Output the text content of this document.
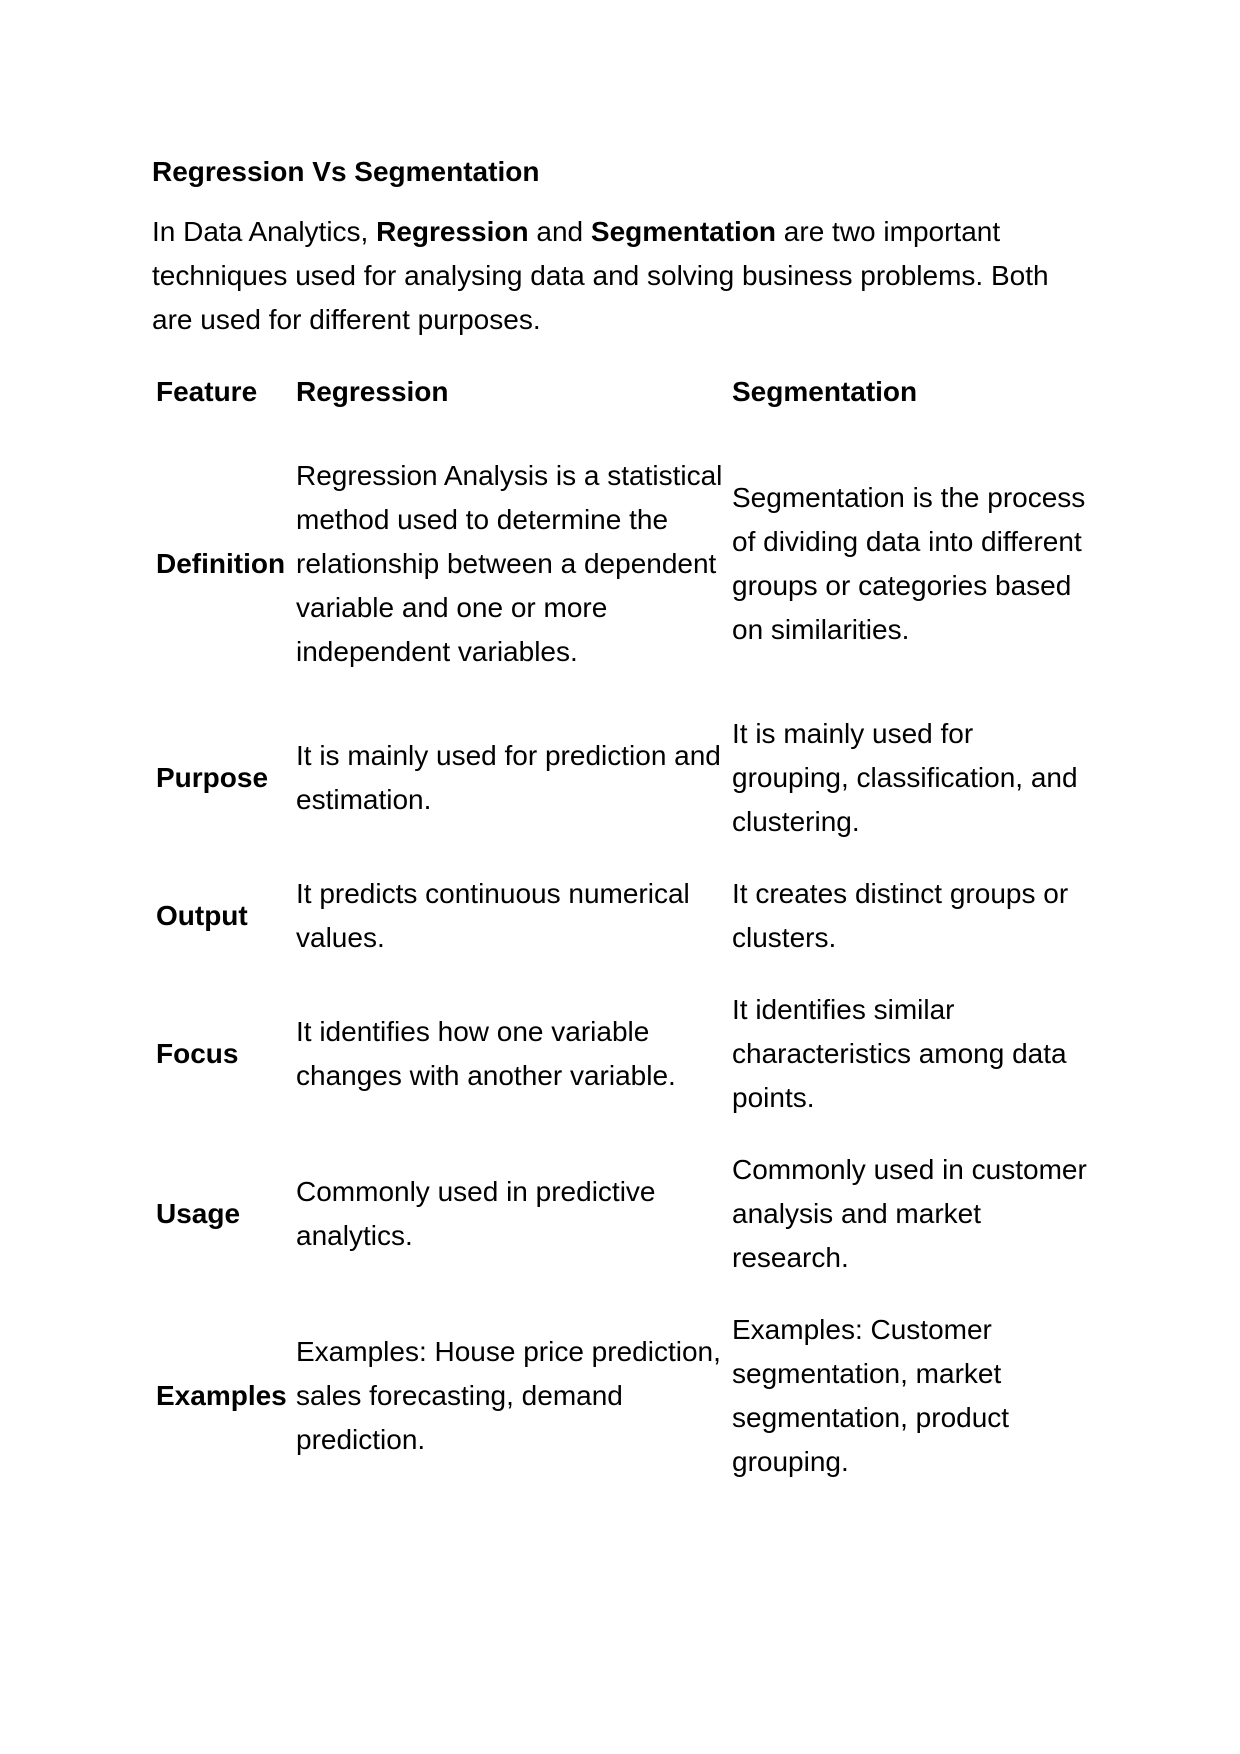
Regression Vs Segmentation

In Data Analytics, Regression and Segmentation are two important techniques used for analysing data and solving business problems. Both are used for different purposes.

Feature	Regression	Segmentation
Definition	Regression Analysis is a statistical method used to determine the relationship between a dependent variable and one or more independent variables.	Segmentation is the process of dividing data into different groups or categories based on similarities.
Purpose	It is mainly used for prediction and estimation.	It is mainly used for grouping, classification, and clustering.
Output	It predicts continuous numerical values.	It creates distinct groups or clusters.
Focus	It identifies how one variable changes with another variable.	It identifies similar characteristics among data points.
Usage	Commonly used in predictive analytics.	Commonly used in customer analysis and market research.
Examples	Examples: House price prediction, sales forecasting, demand prediction.	Examples: Customer segmentation, market segmentation, product grouping.
